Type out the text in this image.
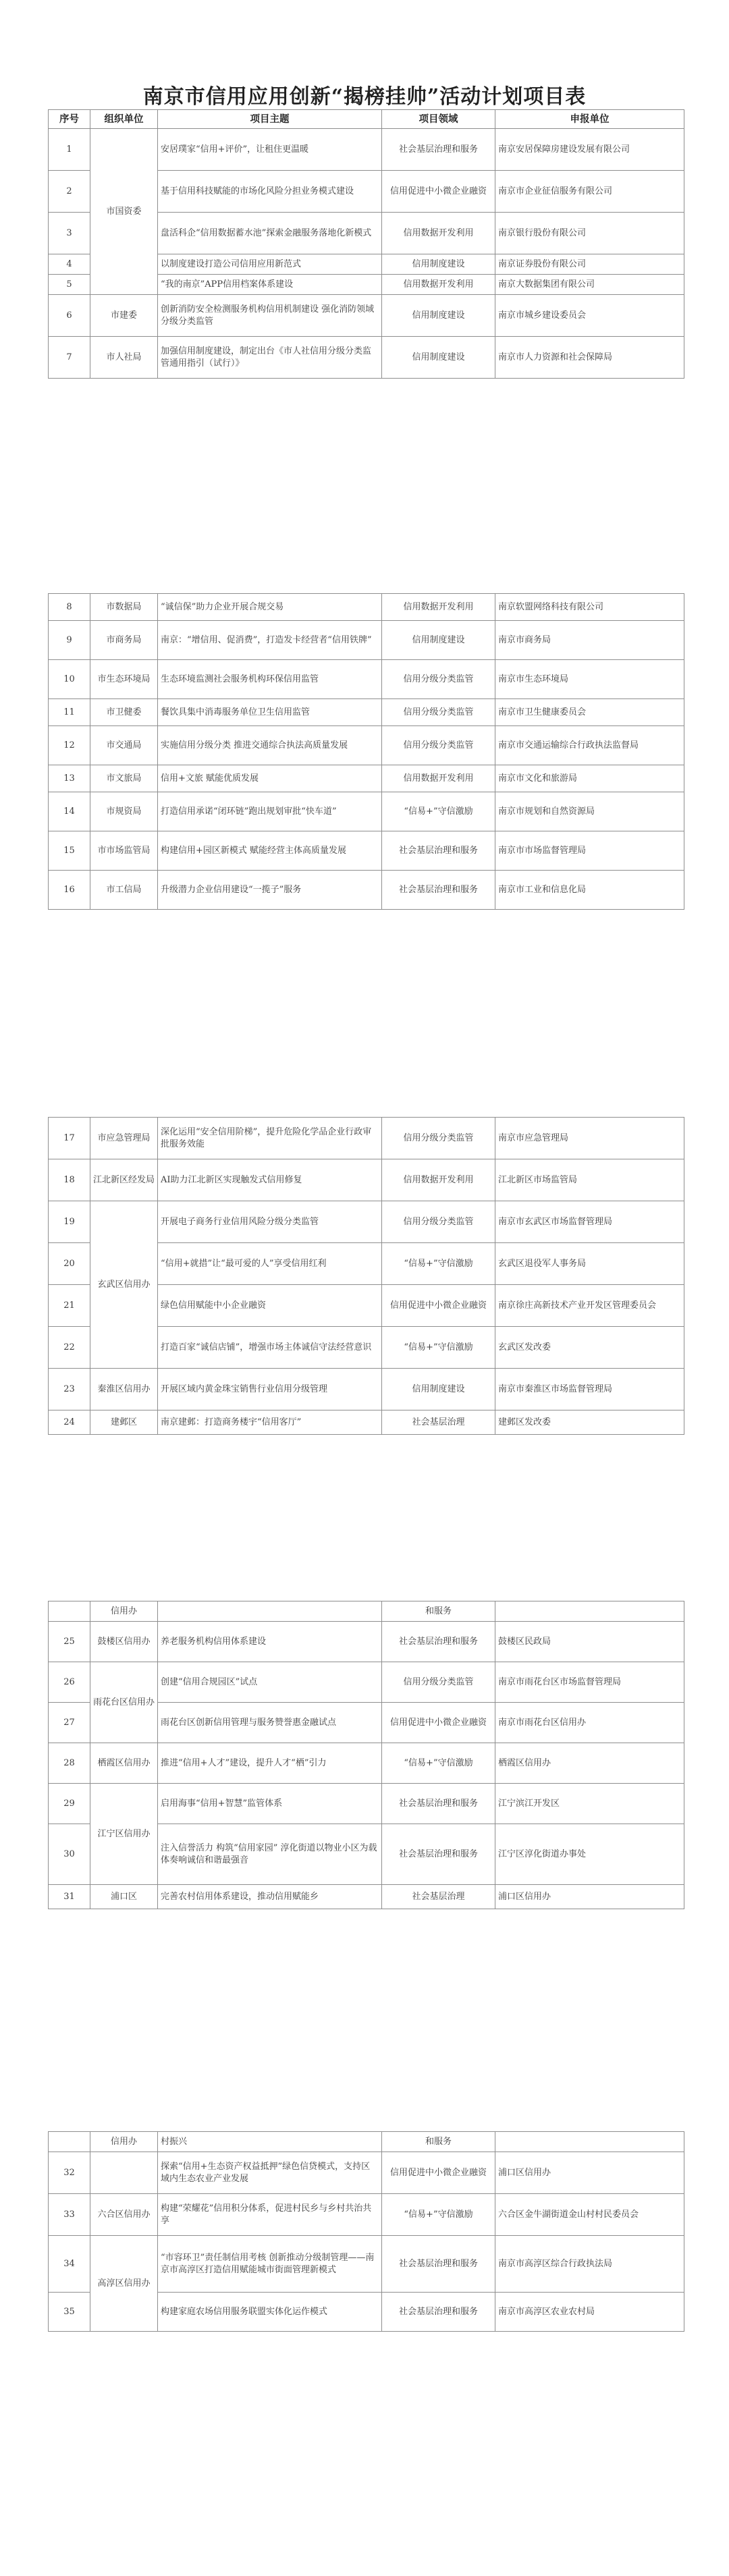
南京市信用应用创新“揭榜挂帅”活动计划项目表
序号	组织单位	项目主题	项目领域	申报单位
1	市国资委	安居璞家“信用+评价”，让租住更温暖	社会基层治理和服务	南京安居保障房建设发展有限公司
2		基于信用科技赋能的市场化风险分担业务模式建设	信用促进中小微企业融资	南京市企业征信服务有限公司
3		盘活科企“信用数据蓄水池”探索金融服务落地化新模式	信用数据开发利用	南京银行股份有限公司
4		以制度建设打造公司信用应用新范式	信用制度建设	南京证券股份有限公司
5		“我的南京”APP信用档案体系建设	信用数据开发利用	南京大数据集团有限公司
6	市建委	创新消防安全检测服务机构信用机制建设 强化消防领域分级分类监管	信用制度建设	南京市城乡建设委员会
7	市人社局	加强信用制度建设，制定出台《市人社信用分级分类监管通用指引（试行）》	信用制度建设	南京市人力资源和社会保障局
8	市数据局	“诚信保”助力企业开展合规交易	信用数据开发利用	南京软盟网络科技有限公司
9	市商务局	南京：“增信用、促消费”，打造发卡经营者“信用铁牌”	信用制度建设	南京市商务局
10	市生态环境局	生态环境监测社会服务机构环保信用监管	信用分级分类监管	南京市生态环境局
11	市卫健委	餐饮具集中消毒服务单位卫生信用监管	信用分级分类监管	南京市卫生健康委员会
12	市交通局	实施信用分级分类 推进交通综合执法高质量发展	信用分级分类监管	南京市交通运输综合行政执法监督局
13	市文旅局	信用+文旅 赋能优质发展	信用数据开发利用	南京市文化和旅游局
14	市规资局	打造信用承诺“闭环链”跑出规划审批“快车道”	“信易+”守信激励	南京市规划和自然资源局
15	市市场监管局	构建信用+园区新模式 赋能经营主体高质量发展	社会基层治理和服务	南京市市场监督管理局
16	市工信局	升级潜力企业信用建设“一揽子”服务	社会基层治理和服务	南京市工业和信息化局
17	市应急管理局	深化运用“安全信用阶梯”，提升危险化学品企业行政审批服务效能	信用分级分类监管	南京市应急管理局
18	江北新区经发局	AI助力江北新区实现触发式信用修复	信用数据开发利用	江北新区市场监管局
19	玄武区信用办	开展电子商务行业信用风险分级分类监管	信用分级分类监管	南京市玄武区市场监督管理局
20		“信用+就措”让“最可爱的人”享受信用红利	“信易+”守信激励	玄武区退役军人事务局
21		绿色信用赋能中小企业融资	信用促进中小微企业融资	南京徐庄高新技术产业开发区管理委员会
22		打造百家“诚信店铺”，增强市场主体诚信守法经营意识	“信易+”守信激励	玄武区发改委
23	秦淮区信用办	开展区域内黄金珠宝销售行业信用分级管理	信用制度建设	南京市秦淮区市场监督管理局
24	建邺区	南京建邺：打造商务楼宇“信用客厅”	社会基层治理	建邺区发改委
	信用办		和服务	
25	鼓楼区信用办	养老服务机构信用体系建设	社会基层治理和服务	鼓楼区民政局
26	雨花台区信用办	创建“信用合规园区”试点	信用分级分类监管	南京市雨花台区市场监督管理局
27		雨花台区创新信用管理与服务赞誉惠金融试点	信用促进中小微企业融资	南京市雨花台区信用办
28	栖霞区信用办	推进“信用+人才”建设，提升人才“栖”引力	“信易+”守信激励	栖霞区信用办
29	江宁区信用办	启用海事“信用+智慧”监管体系	社会基层治理和服务	江宁滨江开发区
30		注入信誉活力 构筑“信用家园” 淳化街道以物业小区为载体奏响诚信和谐最强音	社会基层治理和服务	江宁区淳化街道办事处
31	浦口区	完善农村信用体系建设，推动信用赋能乡	社会基层治理	浦口区信用办
	信用办	村振兴	和服务	
32		探索“信用+生态资产权益抵押”绿色信贷模式，支持区域内生态农业产业发展	信用促进中小微企业融资	浦口区信用办
33	六合区信用办	构建“荣耀花”信用积分体系，促进村民乡与乡村共治共享	“信易+”守信激励	六合区金牛湖街道金山村村民委员会
34	高淳区信用办	“市容环卫”责任制信用考核 创新推动分级制管理——南京市高淳区打造信用赋能城市街面管理新模式	社会基层治理和服务	南京市高淳区综合行政执法局
35		构建家庭农场信用服务联盟实体化运作模式	社会基层治理和服务	南京市高淳区农业农村局
